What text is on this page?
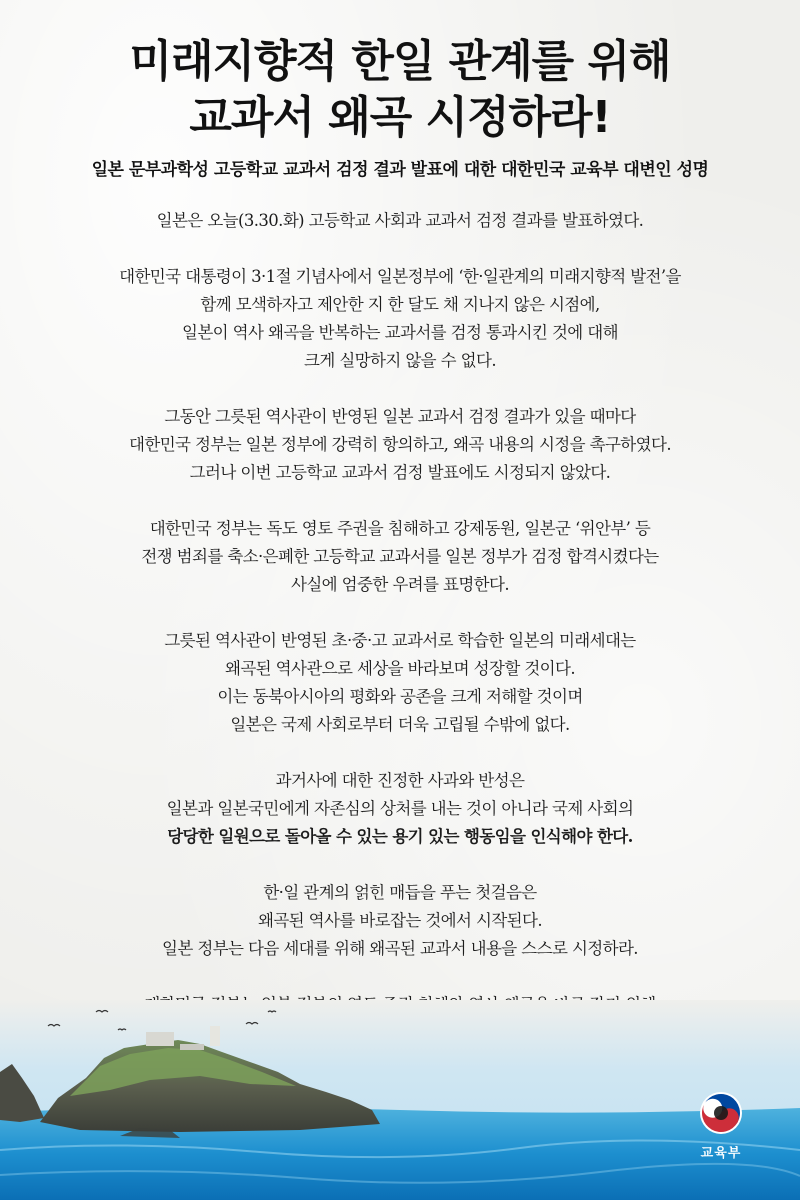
미래지향적 한일 관계를 위해
교과서 왜곡 시정하라!
일본 문부과학성 고등학교 교과서 검정 결과 발표에 대한 대한민국 교육부 대변인 성명

일본은 오늘(3.30.화) 고등학교 사회과 교과서 검정 결과를 발표하였다.

대한민국 대통령이 3·1절 기념사에서 일본정부에 ‘한·일관계의 미래지향적 발전’을

함께 모색하자고 제안한 지 한 달도 채 지나지 않은 시점에,

일본이 역사 왜곡을 반복하는 교과서를 검정 통과시킨 것에 대해

크게 실망하지 않을 수 없다.

그동안 그릇된 역사관이 반영된 일본 교과서 검정 결과가 있을 때마다

대한민국 정부는 일본 정부에 강력히 항의하고, 왜곡 내용의 시정을 촉구하였다.

그러나 이번 고등학교 교과서 검정 발표에도 시정되지 않았다.

대한민국 정부는 독도 영토 주권을 침해하고 강제동원, 일본군 ‘위안부’ 등

전쟁 범죄를 축소·은폐한 고등학교 교과서를 일본 정부가 검정 합격시켰다는

사실에 엄중한 우려를 표명한다.

그릇된 역사관이 반영된 초·중·고 교과서로 학습한 일본의 미래세대는

왜곡된 역사관으로 세상을 바라보며 성장할 것이다.

이는 동북아시아의 평화와 공존을 크게 저해할 것이며

일본은 국제 사회로부터 더욱 고립될 수밖에 없다.

과거사에 대한 진정한 사과와 반성은

일본과 일본국민에게 자존심의 상처를 내는 것이 아니라 국제 사회의

당당한 일원으로 돌아올 수 있는 용기 있는 행동임을 인식해야 한다.

한·일 관계의 얽힌 매듭을 푸는 첫걸음은

왜곡된 역사를 바로잡는 것에서 시작된다.

일본 정부는 다음 세대를 위해 왜곡된 교과서 내용을 스스로 시정하라.

교육부
